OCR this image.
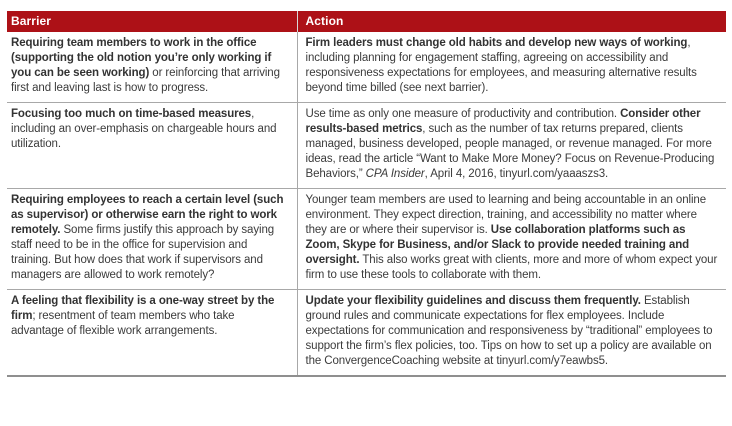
Barrier	Action
Requiring team members to work in the office (supporting the old notion you’re only working if you can be seen working) or reinforcing that arriving first and leaving last is how to progress.	Firm leaders must change old habits and develop new ways of working, including planning for engagement staffing, agreeing on accessibility and responsiveness expectations for employees, and measuring alternative results beyond time billed (see next barrier).
Focusing too much on time-based measures, including an over-emphasis on chargeable hours and utilization.	Use time as only one measure of productivity and contribution. Consider other results-based metrics, such as the number of tax returns prepared, clients managed, business developed, people managed, or revenue managed. For more ideas, read the article “Want to Make More Money? Focus on Revenue-Producing Behaviors,” CPA Insider, April 4, 2016, tinyurl.com/yaaaszs3.
Requiring employees to reach a certain level (such as supervisor) or otherwise earn the right to work remotely. Some firms justify this approach by saying staff need to be in the office for supervision and training. But how does that work if supervisors and managers are allowed to work remotely?	Younger team members are used to learning and being accountable in an online environment. They expect direction, training, and accessibility no matter where they are or where their supervisor is. Use collaboration platforms such as Zoom, Skype for Business, and/or Slack to provide needed training and oversight. This also works great with clients, more and more of whom expect your firm to use these tools to collaborate with them.
A feeling that flexibility is a one-way street by the firm; resentment of team members who take advantage of flexible work arrangements.	Update your flexibility guidelines and discuss them frequently. Establish ground rules and communicate expectations for flex employees. Include expectations for communication and responsiveness by “traditional” employees to support the firm’s flex policies, too. Tips on how to set up a policy are available on the ConvergenceCoaching website at tinyurl.com/y7eawbs5.
